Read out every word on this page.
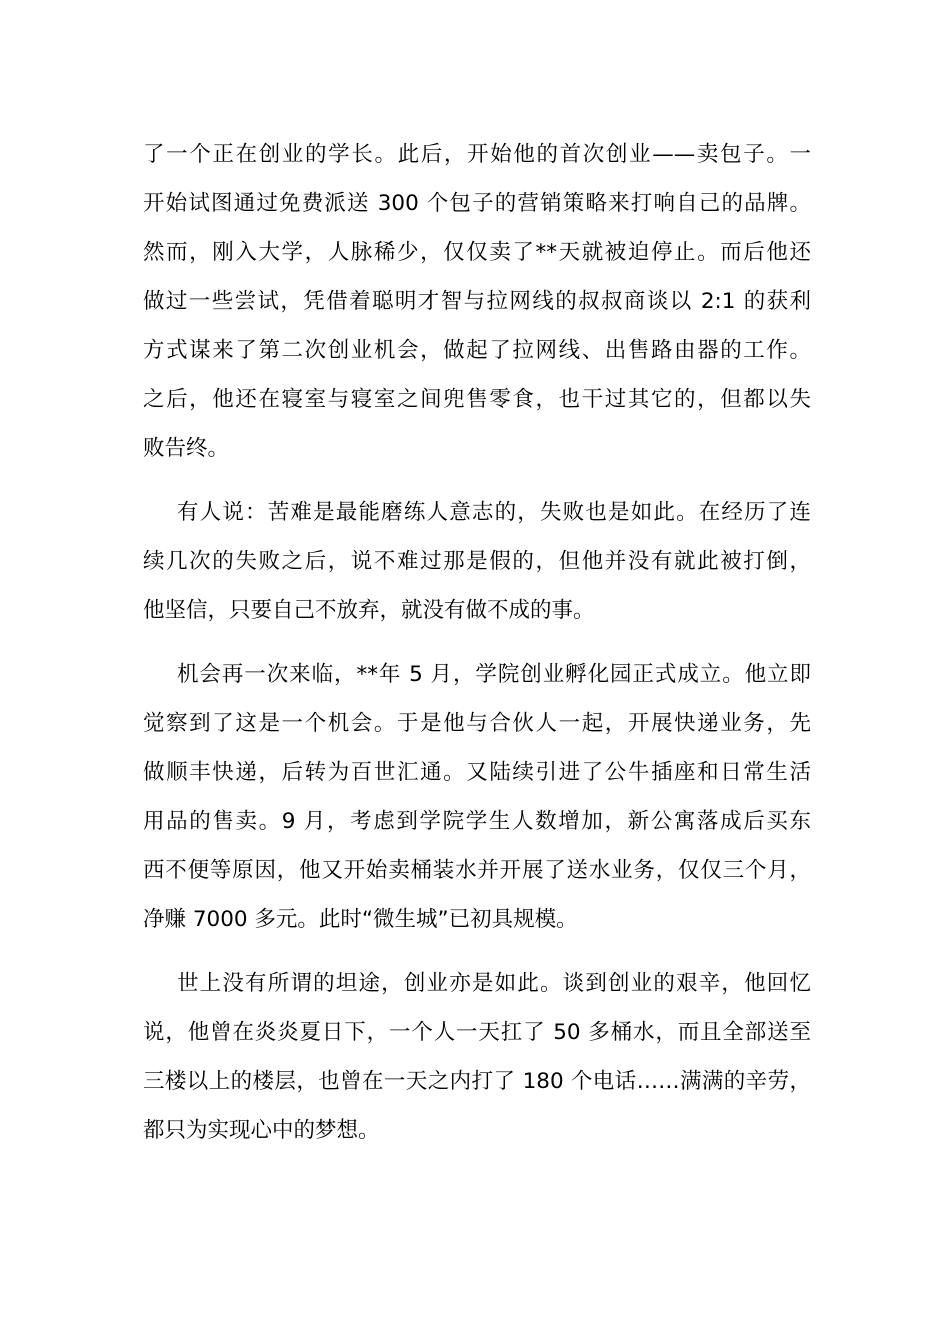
了一个正在创业的学长。此后，开始他的首次创业——卖包子。一
开始试图通过免费派送 300 个包子的营销策略来打响自己的品牌。
然而，刚入大学，人脉稀少，仅仅卖了**天就被迫停止。而后他还
做过一些尝试，凭借着聪明才智与拉网线的叔叔商谈以 2:1 的获利
方式谋来了第二次创业机会，做起了拉网线、出售路由器的工作。
之后，他还在寝室与寝室之间兜售零食，也干过其它的，但都以失
败告终。
有人说：苦难是最能磨练人意志的，失败也是如此。在经历了连
续几次的失败之后，说不难过那是假的，但他并没有就此被打倒，
他坚信，只要自己不放弃，就没有做不成的事。
机会再一次来临，**年 5 月，学院创业孵化园正式成立。他立即
觉察到了这是一个机会。于是他与合伙人一起，开展快递业务，先
做顺丰快递，后转为百世汇通。又陆续引进了公牛插座和日常生活
用品的售卖。9 月，考虑到学院学生人数增加，新公寓落成后买东
西不便等原因，他又开始卖桶装水并开展了送水业务，仅仅三个月，
净赚 7000 多元。此时“微生城”已初具规模。
世上没有所谓的坦途，创业亦是如此。谈到创业的艰辛，他回忆
说，他曾在炎炎夏日下，一个人一天扛了 50 多桶水，而且全部送至
三楼以上的楼层，也曾在一天之内打了 180 个电话……满满的辛劳，
都只为实现心中的梦想。
